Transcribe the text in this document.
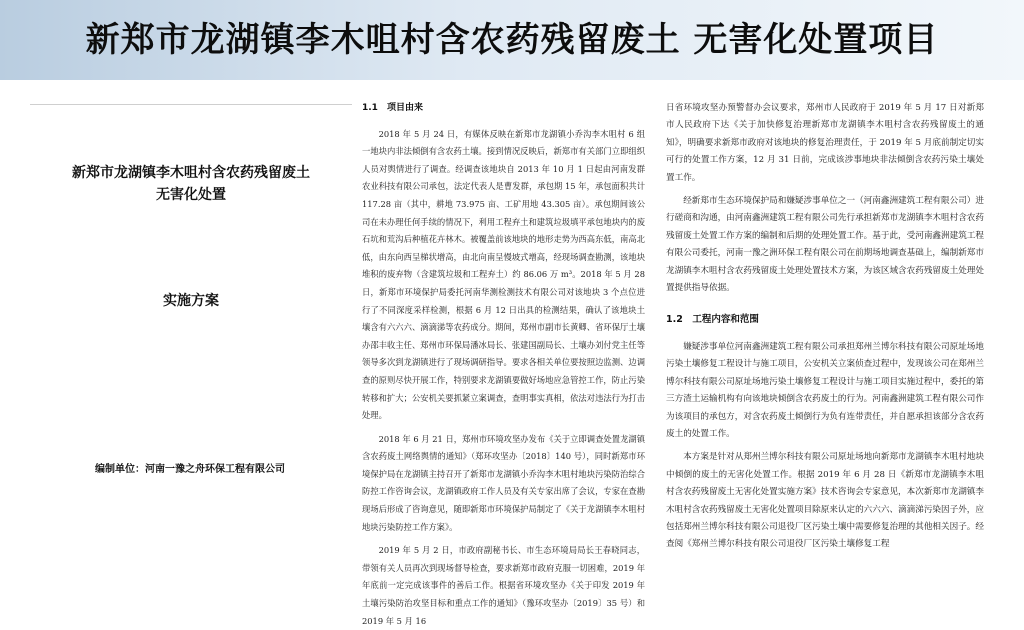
新郑市龙湖镇李木咀村含农药残留废土 无害化处置项目
新郑市龙湖镇李木咀村含农药残留废土
无害化处置
实施方案
编制单位：河南一豫之舟环保工程有限公司
1.1　项目由来

2018 年 5 月 24 日，有媒体反映在新郑市龙湖镇小乔沟李木咀村 6 组一地块内非法倾倒有含农药土壤。接到情况反映后，新郑市有关部门立即组织人员对舆情进行了调查。经调查该地块自 2013 年 10 月 1 日起由河南发群农业科技有限公司承包，法定代表人是曹发群，承包期 15 年，承包面积共计 117.28 亩（其中，耕地 73.975 亩、工矿用地 43.305 亩）。承包期间该公司在未办理任何手续的情况下，利用工程弃土和建筑垃圾填平承包地块内的废石坑和荒沟后种植花卉林木。被覆盖前该地块的地形走势为西高东低，南高北低，由东向西呈梯状增高，由北向南呈慢坡式增高，经现场调查勘测，该地块堆积的废弃物（含建筑垃圾和工程弃土）约 86.06 万 m³。2018 年 5 月 28 日，新郑市环境保护局委托河南华测检测技术有限公司对该地块 3 个点位进行了不同深度采样检测，根据 6 月 12 日出具的检测结果，确认了该地块土壤含有六六六、滴滴涕等农药成分。期间，郑州市副市长黄卿、省环保厅土壤办邵丰收主任、郑州市环保局潘冰局长、张建国副局长、土壤办刘付党主任等领导多次到龙湖镇进行了现场调研指导。要求各相关单位要按照边监测、边调查的原则尽快开展工作，特别要求龙湖镇要做好场地应急管控工作，防止污染转移和扩大；公安机关要抓紧立案调查，查明事实真相，依法对违法行为打击处理。

2018 年 6 月 21 日，郑州市环境攻坚办发布《关于立即调查处置龙湖镇含农药废土网络舆情的通知》（郑环攻坚办〔2018〕140 号），同时新郑市环境保护局在龙湖镇主持召开了新郑市龙湖镇小乔沟李木咀村地块污染防治综合防控工作咨询会议，龙湖镇政府工作人员及有关专家出席了会议，专家在查勘现场后形成了咨询意见，随即新郑市环境保护局制定了《关于龙湖镇李木咀村地块污染防控工作方案》。

2019 年 5 月 2 日，市政府副秘书长、市生态环境局局长王春晓同志，带领有关人员再次到现场督导检查，要求新郑市政府克服一切困难，2019 年年底前一定完成该事件的善后工作。根据省环境攻坚办《关于印发 2019 年土壤污染防治攻坚目标和重点工作的通知》（豫环攻坚办〔2019〕35 号）和 2019 年 5 月 16

日省环境攻坚办预警督办会议要求，郑州市人民政府于 2019 年 5 月 17 日对新郑市人民政府下达《关于加快修复治理新郑市龙湖镇李木咀村含农药残留废土的通知》，明确要求新郑市政府对该地块的修复治理责任，于 2019 年 5 月底前制定切实可行的处置工作方案，12 月 31 日前，完成该涉事地块非法倾倒含农药污染土壤处置工作。

经新郑市生态环境保护局和嫌疑涉事单位之一（河南鑫洲建筑工程有限公司）进行磋商和沟通，由河南鑫洲建筑工程有限公司先行承担新郑市龙湖镇李木咀村含农药残留废土处置工作方案的编制和后期的处理处置工作。基于此，受河南鑫洲建筑工程有限公司委托，河南一豫之洲环保工程有限公司在前期场地调查基础上，编制新郑市龙湖镇李木咀村含农药残留废土处理处置技术方案，为该区域含农药残留废土处理处置提供指导依据。

1.2　工程内容和范围

嫌疑涉事单位河南鑫洲建筑工程有限公司承担郑州兰博尔科技有限公司原址场地污染土壤修复工程设计与施工项目，公安机关立案侦查过程中，发现该公司在郑州兰博尔科技有限公司原址场地污染土壤修复工程设计与施工项目实施过程中，委托的第三方渣土运输机构有向该地块倾倒含农药废土的行为。河南鑫洲建筑工程有限公司作为该项目的承包方，对含农药废土倾倒行为负有连带责任，并自愿承担该部分含农药废土的处置工作。

本方案是针对从郑州兰博尔科技有限公司原址场地向新郑市龙湖镇李木咀村地块中倾倒的废土的无害化处置工作。根据 2019 年 6 月 28 日《新郑市龙湖镇李木咀村含农药残留废土无害化处置实施方案》技术咨询会专家意见，本次新郑市龙湖镇李木咀村含农药残留废土无害化处置项目除原来认定的六六六、滴滴涕污染因子外，应包括郑州兰博尔科技有限公司退役厂区污染土壤中需要修复治理的其他相关因子。经查阅《郑州兰博尔科技有限公司退役厂区污染土壤修复工程
